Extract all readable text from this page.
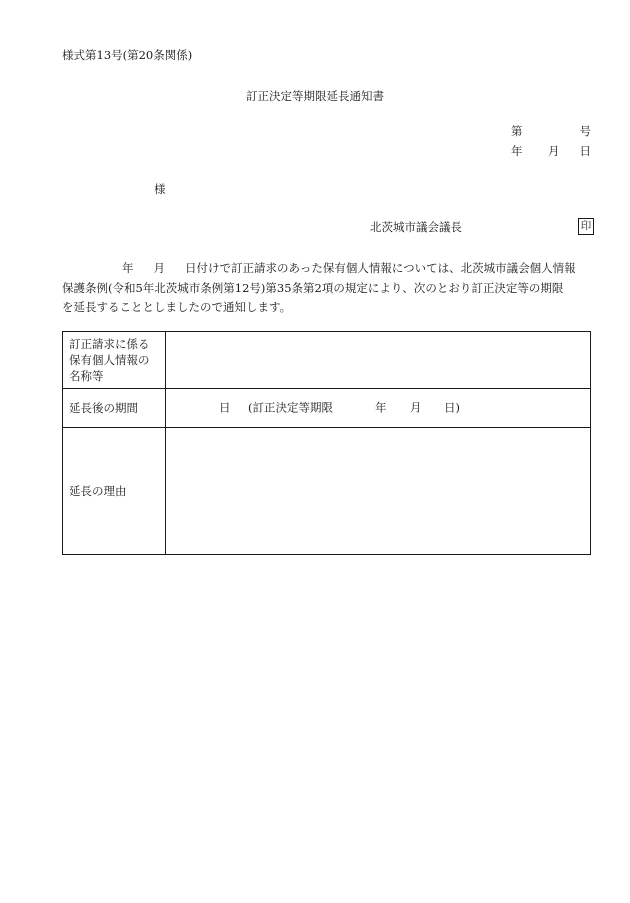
様式第13号(第20条関係)
訂正決定等期限延長通知書
第	号
年 月 日
様
北茨城市議会議長	印
年 月 日付けで訂正請求のあった保有個人情報については、北茨城市議会個人情報
保護条例(令和5年北茨城市条例第12号)第35条第2項の規定により、次のとおり訂正決定等の期限
を延長することとしましたので通知します。
訂正請求に係る保有個人情報の名称等	
延長後の期間	日 (訂正決定等期限 年 月 日)

延長の理由	
